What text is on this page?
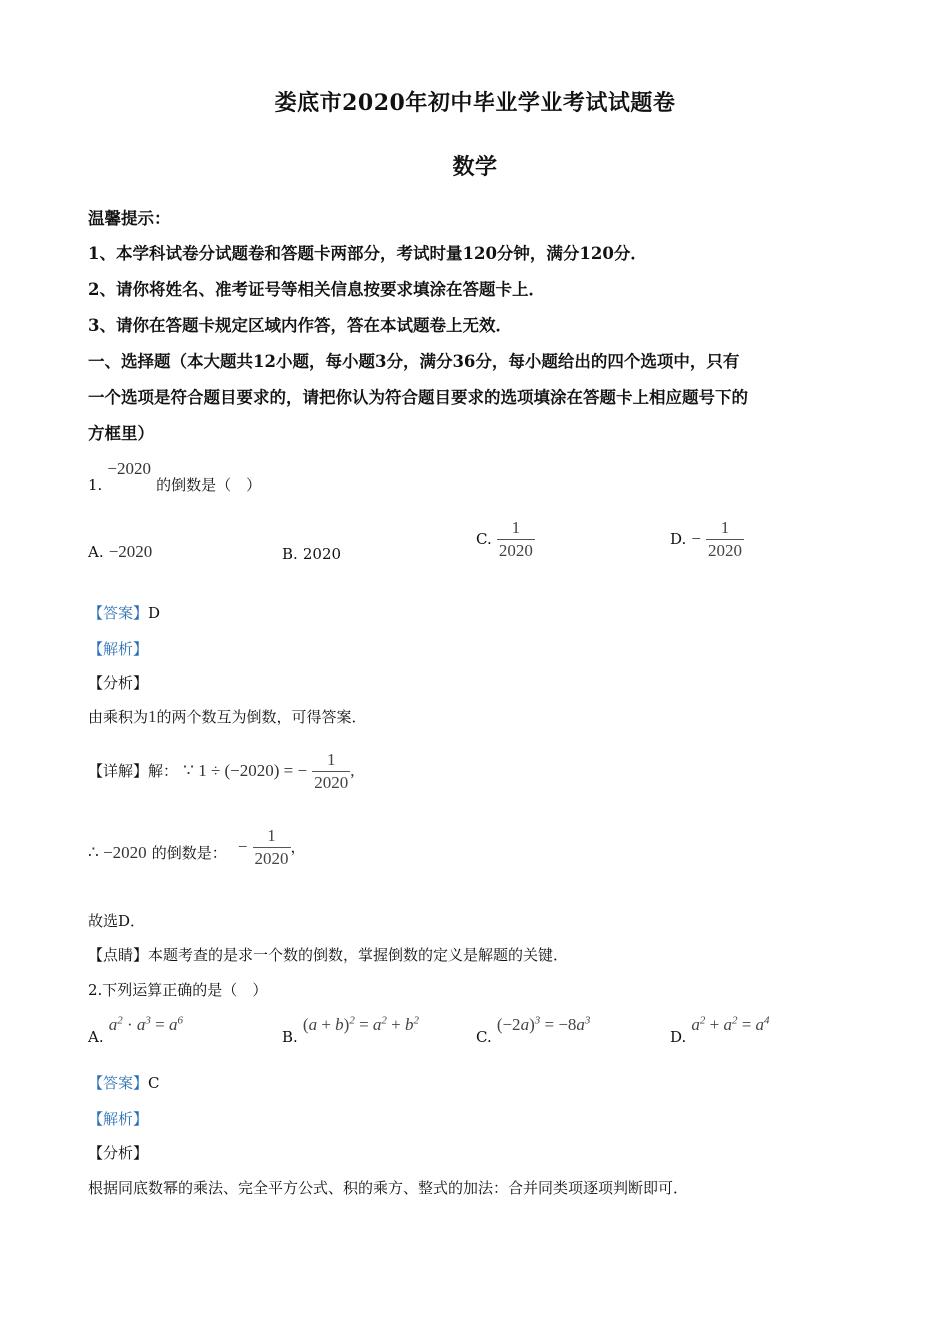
娄底市2020年初中毕业学业考试试题卷
数学
温馨提示：
1、本学科试卷分试题卷和答题卡两部分，考试时量120分钟，满分120分．
2、请你将姓名、准考证号等相关信息按要求填涂在答题卡上．
3、请你在答题卡规定区域内作答，答在本试题卷上无效．
一、选择题（本大题共12小题，每小题3分，满分36分，每小题给出的四个选项中，只有
一个选项是符合题目要求的，请把你认为符合题目要求的选项填涂在答题卡上相应题号下的
方框里）
1. −2020 的倒数是（　）
A. −2020	B. 2020
C. $\frac{1}{2020}$	D. − $\frac{1}{2020}$
【答案】D
【解析】
【分析】
由乘积为1的两个数互为倒数，可得答案．
【详解】解： ∵ 1 ÷ (−2020) = − $\frac{1}{2020}$ ,
∴ −2020 的倒数是： − $\frac{1}{2020}$ ，
故选D．
【点睛】本题考查的是求一个数的倒数，掌握倒数的定义是解题的关键．
2.下列运算正确的是（　）
A. $a^2 \cdot a^3 = a^6$
B. $(a + b)^2 = a^2 + b^2$
C. $(-2a)^3 = -8a^3$
D. $a^2 + a^2 = a^4$
【答案】C
【解析】
【分析】
根据同底数幂的乘法、完全平方公式、积的乘方、整式的加法：合并同类项逐项判断即可．
